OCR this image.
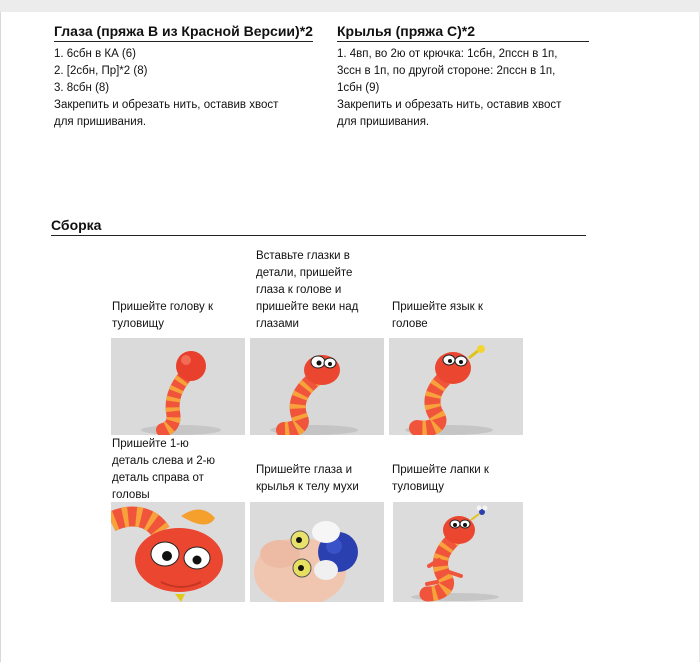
Глаза (пряжа В из Красной Версии)*2
1. 6сбн в КА (6)
2. [2сбн, Пр]*2 (8)
3. 8сбн (8)
Закрепить и обрезать нить, оставив хвост
для пришивания.
Крылья (пряжа С)*2
1. 4вп, во 2ю от крючка: 1сбн, 2пссн в 1п,
3ссн в 1п, по другой стороне: 2пссн в 1п,
1сбн (9)
Закрепить и обрезать нить, оставив хвост
для пришивания.
Сборка
Пришейте голову к
туловищу
Вставьте глазки в
детали, пришейте
глаза к голове и
пришейте веки над
глазами
Пришейте язык к
голове
Пришейте 1-ю
деталь слева и 2-ю
деталь справа от
головы
Пришейте глаза и
крылья к телу мухи
Пришейте лапки к
туловищу
